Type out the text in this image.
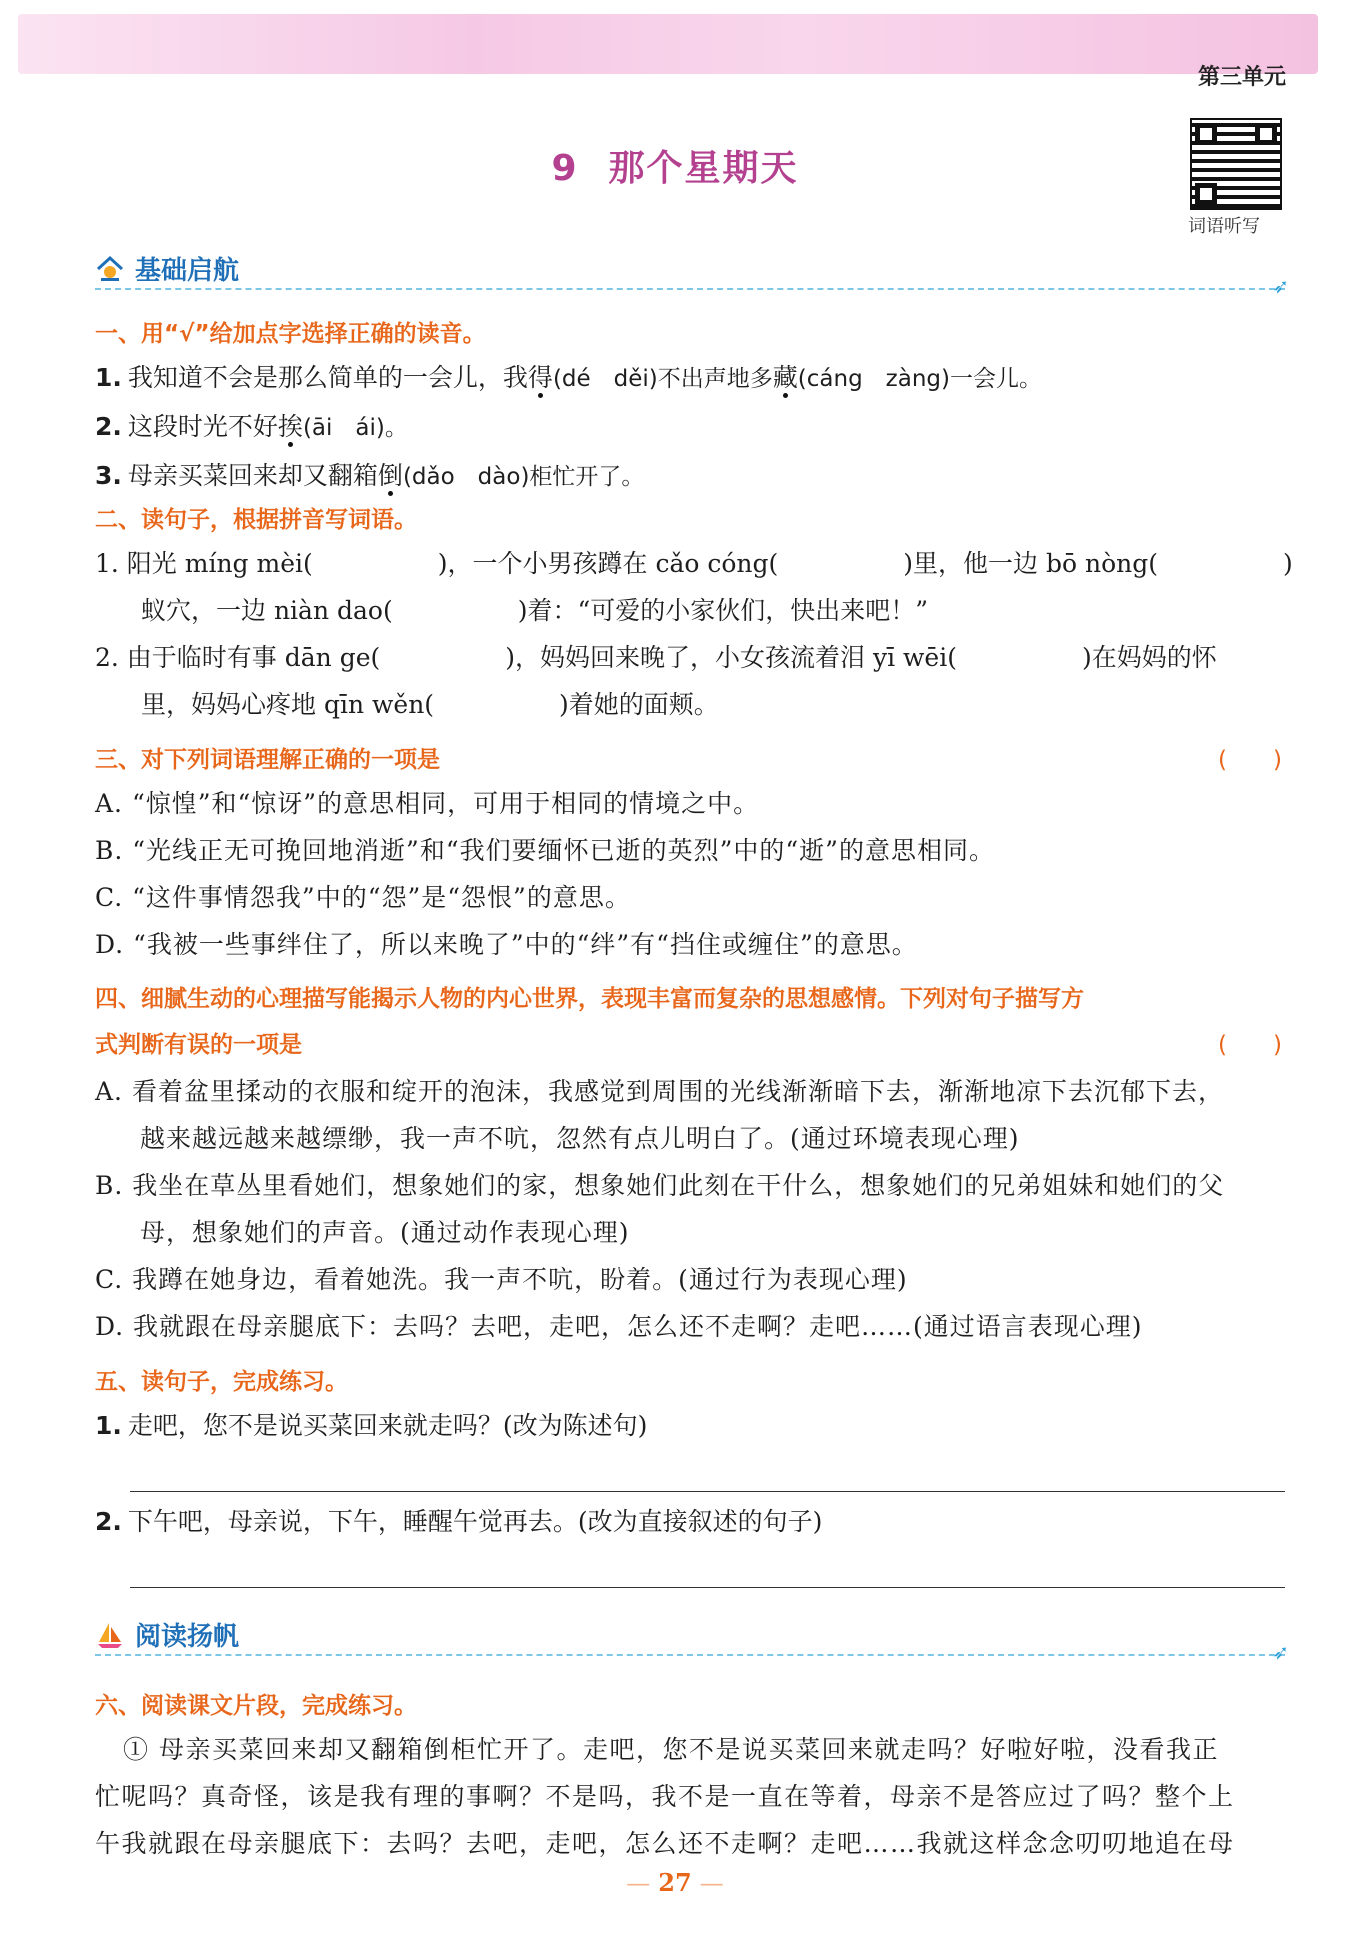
第三单元
9 那个星期天
词语听写
基础启航	➶
一、用“√”给加点字选择正确的读音。
1. 我知道不会是那么简单的一会儿，我得(dé　děi)不出声地多藏(cáng　zàng)一会儿。
2. 这段时光不好挨(āi　ái)。
3. 母亲买菜回来却又翻箱倒(dǎo　dào)柜忙开了。
二、读句子，根据拼音写词语。
1. 阳光 míng mèi(　　　　　)，一个小男孩蹲在 cǎo cóng(　　　　　)里，他一边 bō nòng(　　　　　)
蚁穴，一边 niàn dao(　　　　　)着：“可爱的小家伙们，快出来吧！”
2. 由于临时有事 dān ge(　　　　　)，妈妈回来晚了，小女孩流着泪 yī wēi(　　　　　)在妈妈的怀
里，妈妈心疼地 qīn wěn(　　　　　)着她的面颊。
三、对下列词语理解正确的一项是	(　　)
A. “惊惶”和“惊讶”的意思相同，可用于相同的情境之中。
B. “光线正无可挽回地消逝”和“我们要缅怀已逝的英烈”中的“逝”的意思相同。
C. “这件事情怨我”中的“怨”是“怨恨”的意思。
D. “我被一些事绊住了，所以来晚了”中的“绊”有“挡住或缠住”的意思。
四、细腻生动的心理描写能揭示人物的内心世界，表现丰富而复杂的思想感情。下列对句子描写方
式判断有误的一项是	(　　)
A. 看着盆里揉动的衣服和绽开的泡沫，我感觉到周围的光线渐渐暗下去，渐渐地凉下去沉郁下去，
越来越远越来越缥缈，我一声不吭，忽然有点儿明白了。(通过环境表现心理)
B. 我坐在草丛里看她们，想象她们的家，想象她们此刻在干什么，想象她们的兄弟姐妹和她们的父
母，想象她们的声音。(通过动作表现心理)
C. 我蹲在她身边，看着她洗。我一声不吭，盼着。(通过行为表现心理)
D. 我就跟在母亲腿底下：去吗？去吧，走吧，怎么还不走啊？走吧……(通过语言表现心理)
五、读句子，完成练习。
1. 走吧，您不是说买菜回来就走吗？(改为陈述句)
2. 下午吧，母亲说，下午，睡醒午觉再去。(改为直接叙述的句子)
阅读扬帆	➶
六、阅读课文片段，完成练习。
① 母亲买菜回来却又翻箱倒柜忙开了。走吧，您不是说买菜回来就走吗？好啦好啦，没看我正
忙呢吗？真奇怪，该是我有理的事啊？不是吗，我不是一直在等着，母亲不是答应过了吗？整个上
午我就跟在母亲腿底下：去吗？去吧，走吧，怎么还不走啊？走吧……我就这样念念叨叨地追在母
— 27 —
